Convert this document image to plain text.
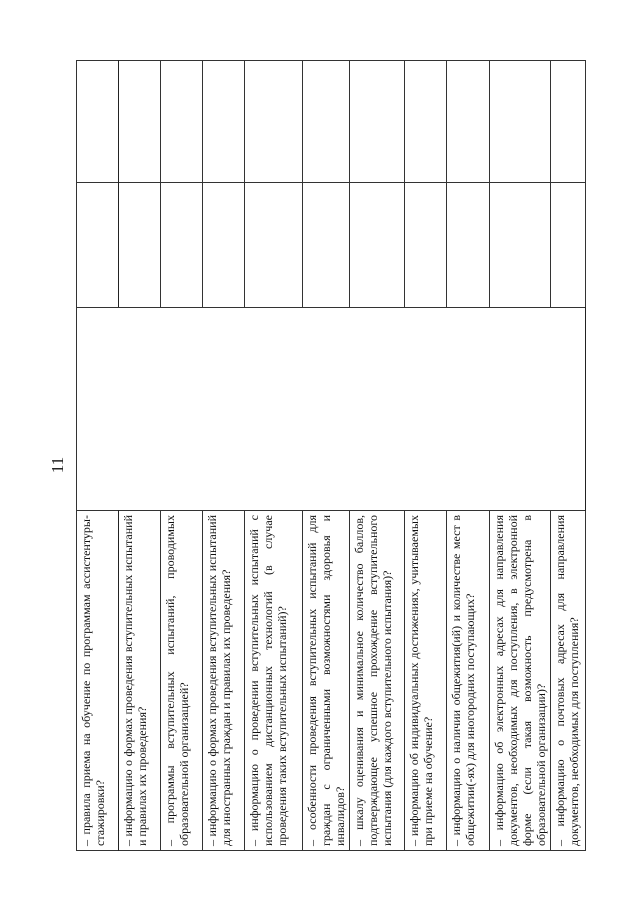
11
– правила приема на обучение по программам ассистентуры-стажировки?			
– информацию о формах проведения вступительных испытаний и правилах их проведения?			
– программы вступительных испытаний, проводимых образовательной организацией?			
– информацию о формах проведения вступительных испытаний для иностранных граждан и правилах их проведения?			
– информацию о проведении вступительных испытаний с использованием дистанционных технологий (в случае проведения таких вступительных испытаний)?			
– особенности проведения вступительных испытаний для граждан с ограниченными возможностями здоровья и инвалидов?			
– шкалу оценивания и минимальное количество баллов, подтверждающее успешное прохождение вступительного испытания (для каждого вступительного испытания)?			
– информацию об индивидуальных достижениях, учитываемых при приеме на обучение?			
– информацию о наличии общежития(ий) и количестве мест в общежитии(-ях) для иногородних поступающих?			
– информацию об электронных адресах для направления документов, необходимых для поступления, в электронной форме (если такая возможность предусмотрена в образовательной организации)?			
– информацию о почтовых адресах для направления документов, необходимых для поступления?			
